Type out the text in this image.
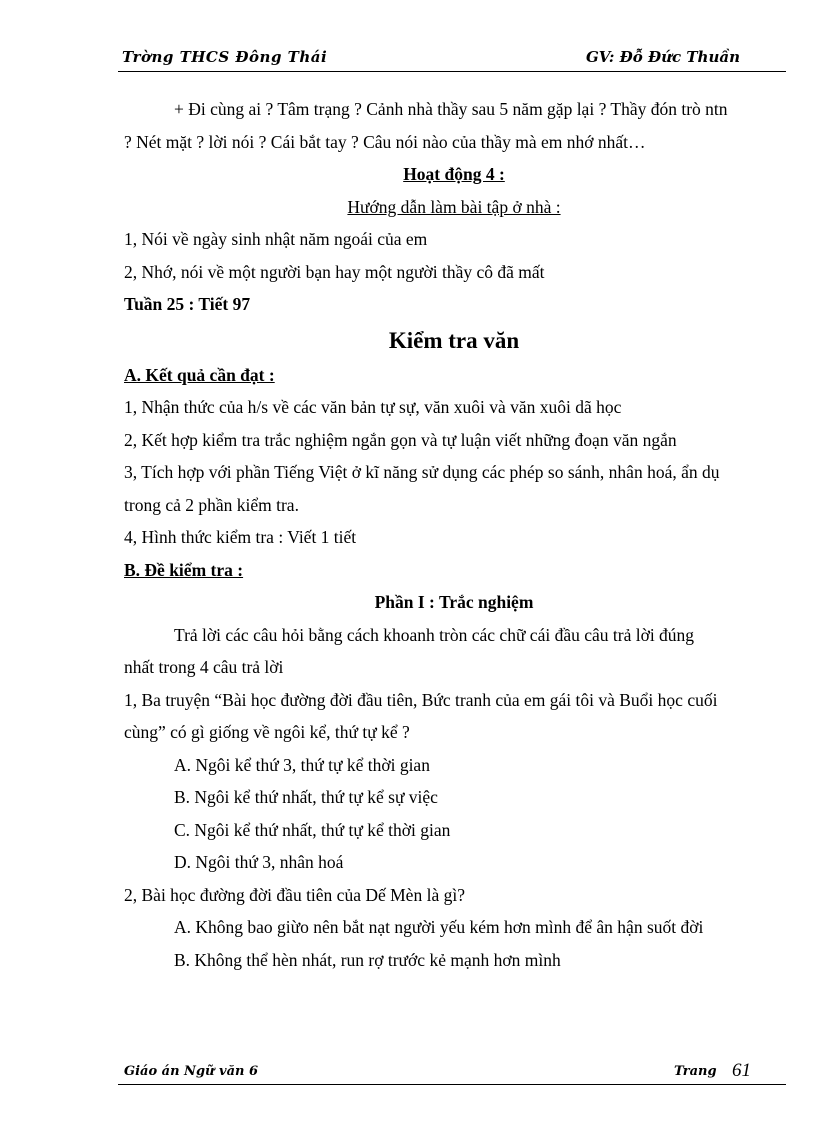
Trờng THCS Đông Thái	GV: Đỗ Đức Thuần
+ Đi cùng ai ? Tâm trạng ? Cảnh nhà thầy sau 5 năm gặp lại ? Thầy đón trò ntn
? Nét mặt ? lời nói ? Cái bắt tay ? Câu nói nào của thầy mà em nhớ nhất…
Hoạt động 4 :
Hướng dẫn làm bài tập ở nhà :
1, Nói về ngày sinh nhật năm ngoái của em
2, Nhớ, nói về một người bạn hay một người thầy cô đã mất
Tuần 25 : Tiết 97
Kiểm tra văn
A. Kết quả cần đạt :
1, Nhận thức của h/s về các văn bản tự sự, văn xuôi và văn xuôi dã học
2, Kết hợp kiểm tra trắc nghiệm ngắn gọn và tự luận viết những đoạn văn ngắn
3, Tích hợp với phần Tiếng Việt ở kĩ năng sử dụng các phép so sánh, nhân hoá, ẩn dụ
trong cả 2 phần kiểm tra.
4, Hình thức kiểm tra : Viết 1 tiết
B. Đề kiểm tra :
Phần I : Trắc nghiệm
Trả lời các câu hỏi bằng cách khoanh tròn các chữ cái đầu câu trả lời đúng
nhất trong 4 câu trả lời
1, Ba truyện “Bài học đường đời đầu tiên, Bức tranh của em gái tôi và Buổi học cuối
cùng” có gì giống về ngôi kể, thứ tự kể ?
A. Ngôi kể thứ 3, thứ tự kể thời gian
B. Ngôi kể thứ nhất, thứ tự kể sự việc
C. Ngôi kể thứ nhất, thứ tự kể thời gian
D. Ngôi thứ 3, nhân hoá
2, Bài học đường đời đầu tiên của Dế Mèn là gì?
A. Không bao giừo nên bắt nạt người yếu kém hơn mình để ân hận suốt đời
B. Không thể hèn nhát, run rợ trước kẻ mạnh hơn mình
Giáo án Ngữ văn 6	Trang 61
